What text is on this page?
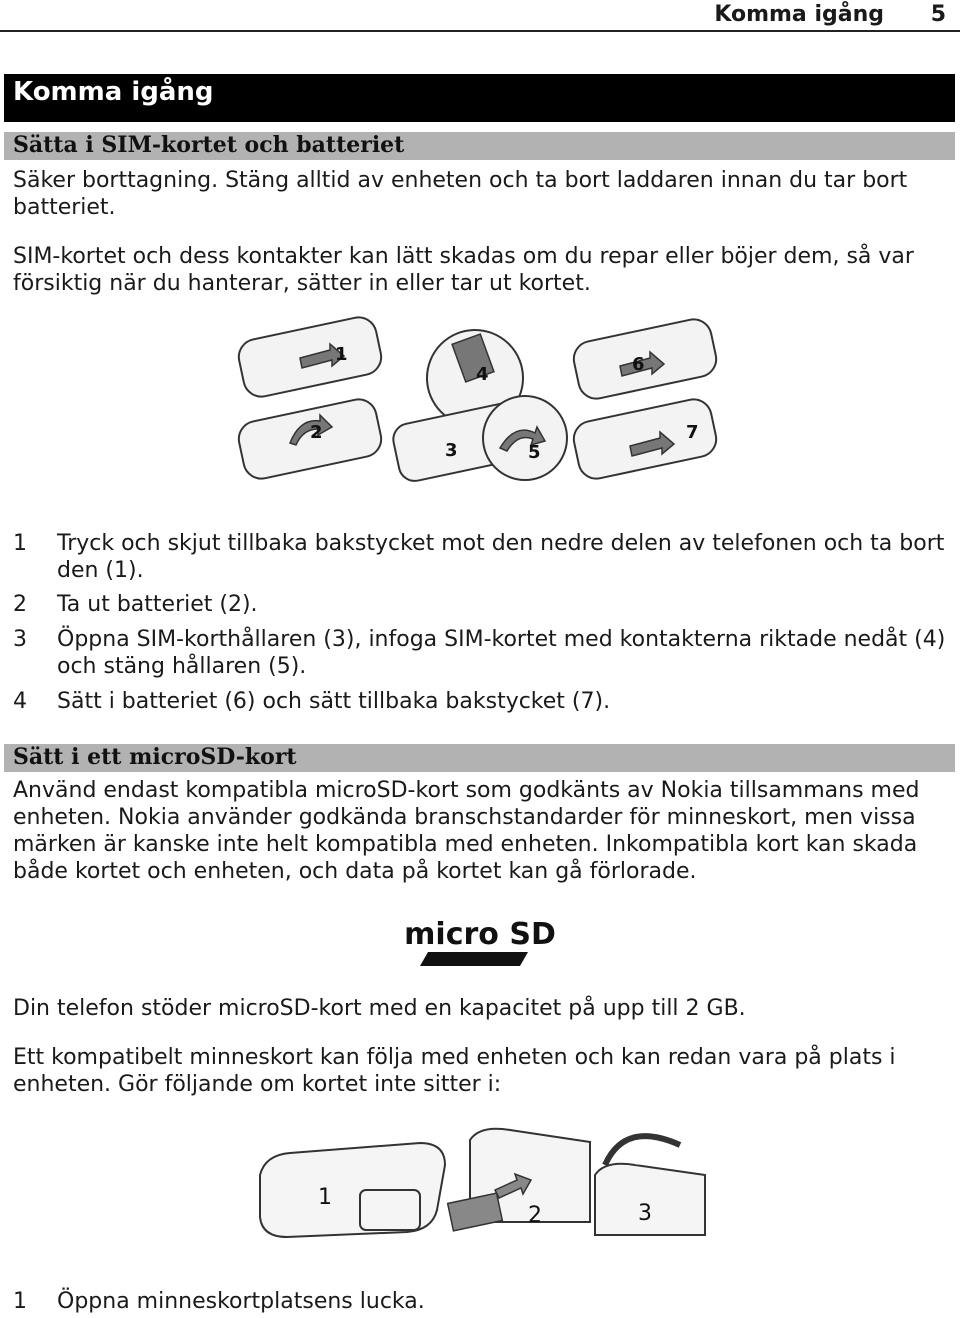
Komma igång 5
Komma igång
Sätta i SIM-kortet och batteriet

Säker borttagning. Stäng alltid av enheten och ta bort laddaren innan du tar bort batteriet.

SIM-kortet och dess kontakter kan lätt skadas om du repar eller böjer dem, så var försiktig när du hanterar, sätter in eller tar ut kortet.

1
2
3
4
5
6
7
1 Tryck och skjut tillbaka bakstycket mot den nedre delen av telefonen och ta bort den (1).
2 Ta ut batteriet (2).
3 Öppna SIM-korthållaren (3), infoga SIM-kortet med kontakterna riktade nedåt (4) och stäng hållaren (5).
4 Sätt i batteriet (6) och sätt tillbaka bakstycket (7).
Sätt i ett microSD-kort

Använd endast kompatibla microSD-kort som godkänts av Nokia tillsammans med enheten. Nokia använder godkända branschstandarder för minneskort, men vissa märken är kanske inte helt kompatibla med enheten. Inkompatibla kort kan skada både kortet och enheten, och data på kortet kan gå förlorade.

micro SD

Din telefon stöder microSD-kort med en kapacitet på upp till 2 GB.

Ett kompatibelt minneskort kan följa med enheten och kan redan vara på plats i enheten. Gör följande om kortet inte sitter i:

1
2	3
1 Öppna minneskortplatsens lucka.
